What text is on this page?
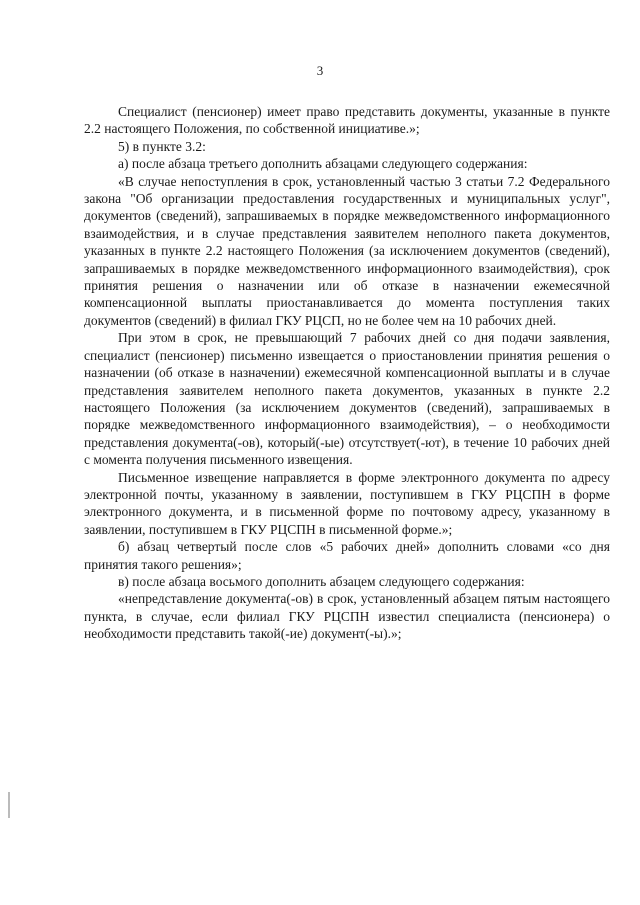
3

Специалист (пенсионер) имеет право представить документы, указанные в пункте 2.2 настоящего Положения, по собственной инициативе.»;

5) в пункте 3.2:

а) после абзаца третьего дополнить абзацами следующего содержания:

«В случае непоступления в срок, установленный частью 3 статьи 7.2 Федерального закона "Об организации предоставления государственных и муниципальных услуг", документов (сведений), запрашиваемых в порядке межведомственного информационного взаимодействия, и в случае представления заявителем неполного пакета документов, указанных в пункте 2.2 настоящего Положения (за исключением документов (сведений), запрашиваемых в порядке межведомственного информационного взаимодействия), срок принятия решения о назначении или об отказе в назначении ежемесячной компенсационной выплаты приостанавливается до момента поступления таких документов (сведений) в филиал ГКУ РЦСП, но не более чем на 10 рабочих дней.

При этом в срок, не превышающий 7 рабочих дней со дня подачи заявления, специалист (пенсионер) письменно извещается о приостановлении принятия решения о назначении (об отказе в назначении) ежемесячной компенсационной выплаты и в случае представления заявителем неполного пакета документов, указанных в пункте 2.2 настоящего Положения (за исключением документов (сведений), запрашиваемых в порядке межведомственного информационного взаимодействия), – о необходимости представления документа(-ов), который(-ые) отсутствует(-ют), в течение 10 рабочих дней с момента получения письменного извещения.

Письменное извещение направляется в форме электронного документа по адресу электронной почты, указанному в заявлении, поступившем в ГКУ РЦСПН в форме электронного документа, и в письменной форме по почтовому адресу, указанному в заявлении, поступившем в ГКУ РЦСПН в письменной форме.»;

б) абзац четвертый после слов «5 рабочих дней» дополнить словами «со дня принятия такого решения»;

в) после абзаца восьмого дополнить абзацем следующего содержания:

«непредставление документа(-ов) в срок, установленный абзацем пятым настоящего пункта, в случае, если филиал ГКУ РЦСПН известил специалиста (пенсионера) о необходимости представить такой(-ие) документ(-ы).»;
